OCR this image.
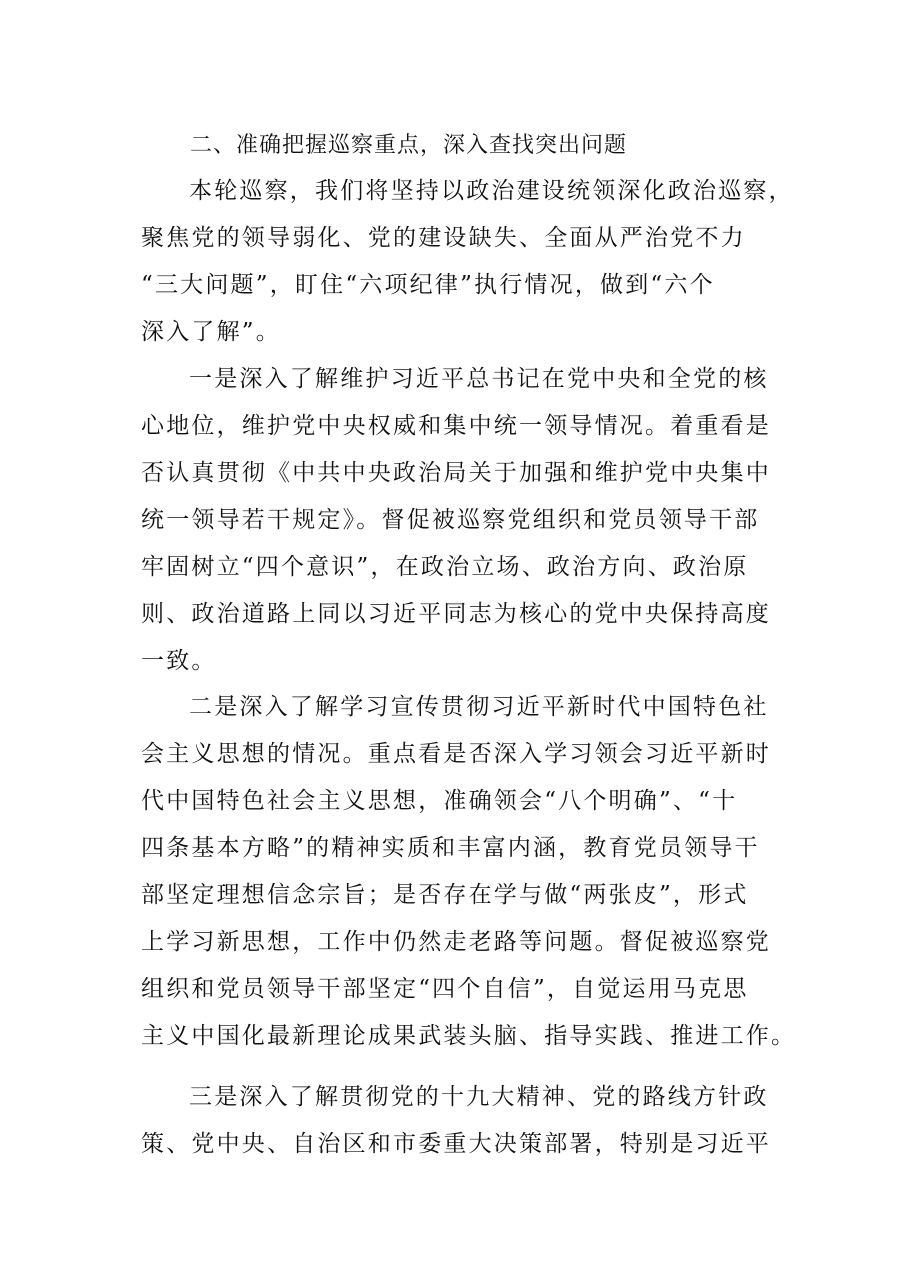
二、准确把握巡察重点，深入查找突出问题
本轮巡察，我们将坚持以政治建设统领深化政治巡察，
聚焦党的领导弱化、党的建设缺失、全面从严治党不力
“三大问题”，盯住“六项纪律”执行情况，做到“六个
深入了解”。
一是深入了解维护习近平总书记在党中央和全党的核
心地位，维护党中央权威和集中统一领导情况。着重看是
否认真贯彻《中共中央政治局关于加强和维护党中央集中
统一领导若干规定》。督促被巡察党组织和党员领导干部
牢固树立“四个意识”，在政治立场、政治方向、政治原
则、政治道路上同以习近平同志为核心的党中央保持高度
一致。
二是深入了解学习宣传贯彻习近平新时代中国特色社
会主义思想的情况。重点看是否深入学习领会习近平新时
代中国特色社会主义思想，准确领会“八个明确”、“十
四条基本方略”的精神实质和丰富内涵，教育党员领导干
部坚定理想信念宗旨；是否存在学与做“两张皮”，形式
上学习新思想，工作中仍然走老路等问题。督促被巡察党
组织和党员领导干部坚定“四个自信”，自觉运用马克思
主义中国化最新理论成果武装头脑、指导实践、推进工作。
三是深入了解贯彻党的十九大精神、党的路线方针政
策、党中央、自治区和市委重大决策部署，特别是习近平
